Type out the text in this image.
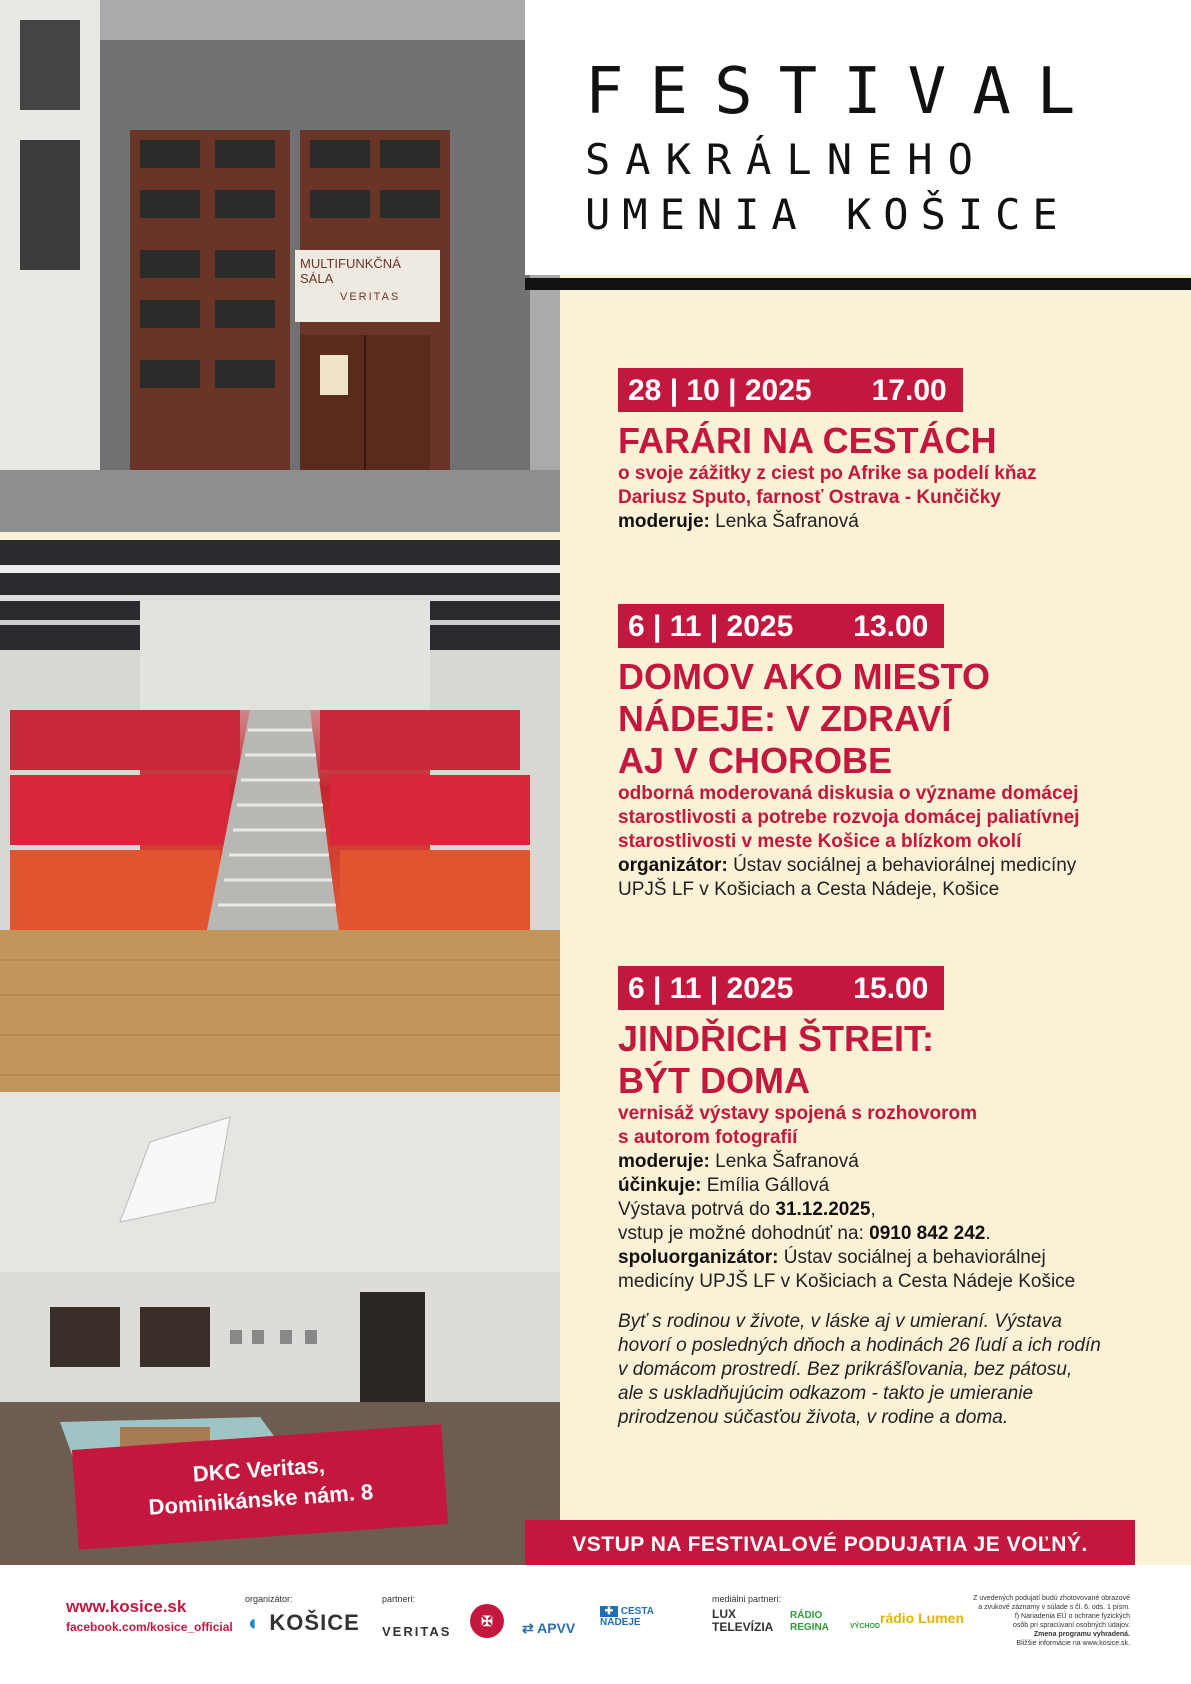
MULTIFUNKČNÁ
SÁLA
VERITAS
FESTIVAL
SAKRÁLNEHO
UMENIA KOŠICE
28 | 10 | 2025 17.00
FARÁRI NA CESTÁCH
o svoje zážitky z ciest po Afrike sa podelí kňaz
Dariusz Sputo, farnosť Ostrava - Kunčičky
moderuje: Lenka Šafranová
6 | 11 | 2025 13.00
DOMOV AKO MIESTO
NÁDEJE: V ZDRAVÍ
AJ V CHOROBE
odborná moderovaná diskusia o význame domácej
starostlivosti a potrebe rozvoja domácej paliatívnej
starostlivosti v meste Košice a blízkom okolí
organizátor: Ústav sociálnej a behaviorálnej medicíny
UPJŠ LF v Košiciach a Cesta Nádeje, Košice
6 | 11 | 2025 15.00
JINDŘICH ŠTREIT:
BÝT DOMA
vernisáž výstavy spojená s rozhovorom
s autorom fotografií
moderuje: Lenka Šafranová
účinkuje: Emília Gállová
Výstava potrvá do 31.12.2025,
vstup je možné dohodnúť na: 0910 842 242.
spoluorganizátor: Ústav sociálnej a behaviorálnej
medicíny UPJŠ LF v Košiciach a Cesta Nádeje Košice
Byť s rodinou v živote, v láske aj v umieraní. Výstava
hovorí o posledných dňoch a hodinách 26 ľudí a ich rodín
v domácom prostredí. Bez prikrášľovania, bez pátosu,
ale s uskladňujúcim odkazom - takto je umieranie
prirodzenou súčasťou života, v rodine a doma.
DKC Veritas,
Dominikánske nám. 8
VSTUP NA FESTIVALOVÉ PODUJATIA JE VOĽNÝ.
www.kosice.sk
facebook.com/kosice_official
organizátor:
◐ KOŠICE
partneri:
VERITAS
✠	⇄ APVV
✚ CESTA NÁDEJE
mediálni partneri:
LUX TELEVÍZIA
RÁDIO REGINA	VÝCHOD
rádio Lumen
Z uvedených podujatí budú zhotovované obrazové
a zvukové záznamy v súlade s čl. 6. ods. 1 písm.
f) Nariadenia EÚ o ochrane fyzických
osôb pri spracúvaní osobných údajov.
Zmena programu vyhradená.
Bližšie informácie na www.kosice.sk.
